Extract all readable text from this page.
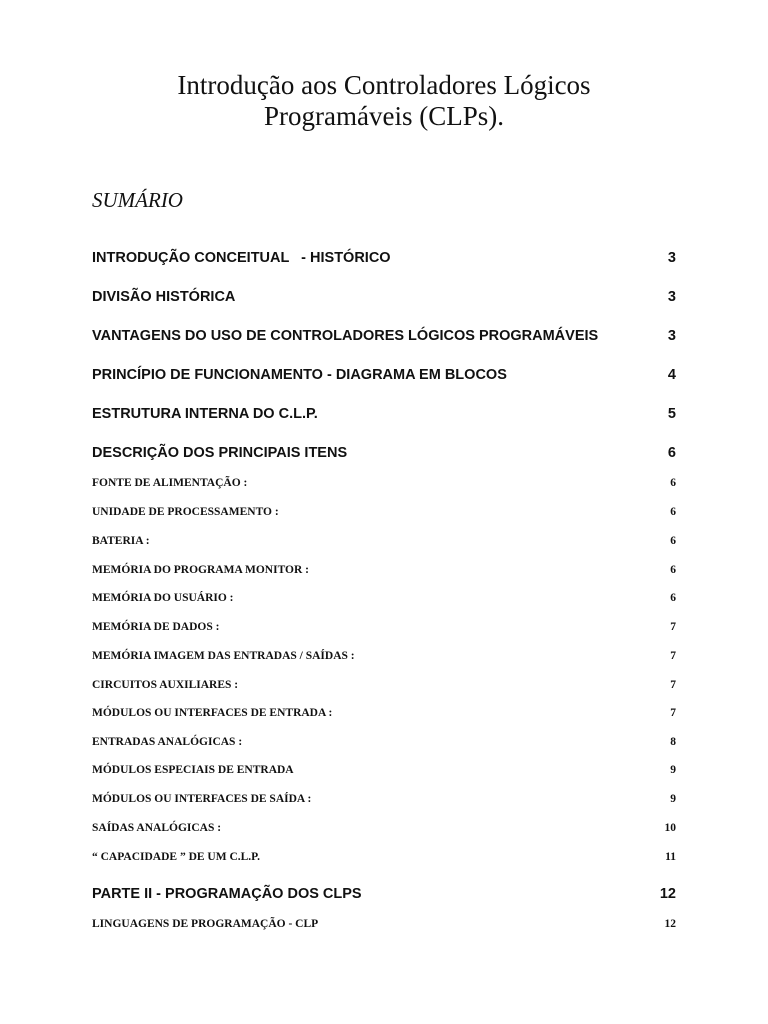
Introdução aos Controladores Lógicos
Programáveis (CLPs).
SUMÁRIO
INTRODUÇÃO CONCEITUAL   - HISTÓRICO	3
DIVISÃO HISTÓRICA	3
VANTAGENS DO USO DE CONTROLADORES LÓGICOS PROGRAMÁVEIS	3
PRINCÍPIO DE FUNCIONAMENTO - DIAGRAMA EM BLOCOS	4
ESTRUTURA INTERNA DO C.L.P.	5
DESCRIÇÃO DOS PRINCIPAIS ITENS	6
FONTE DE ALIMENTAÇÃO :	6
UNIDADE DE PROCESSAMENTO :	6
BATERIA :	6
MEMÓRIA DO PROGRAMA MONITOR :	6
MEMÓRIA DO USUÁRIO :	6
MEMÓRIA DE DADOS :	7
MEMÓRIA IMAGEM DAS ENTRADAS / SAÍDAS :	7
CIRCUITOS AUXILIARES :	7
MÓDULOS OU INTERFACES DE ENTRADA :	7
ENTRADAS ANALÓGICAS :	8
MÓDULOS ESPECIAIS DE ENTRADA	9
MÓDULOS OU INTERFACES DE SAÍDA :	9
SAÍDAS ANALÓGICAS :	10
“ CAPACIDADE ” DE UM C.L.P.	11
PARTE II - PROGRAMAÇÃO DOS CLPS	12
LINGUAGENS DE PROGRAMAÇÃO - CLP	12
